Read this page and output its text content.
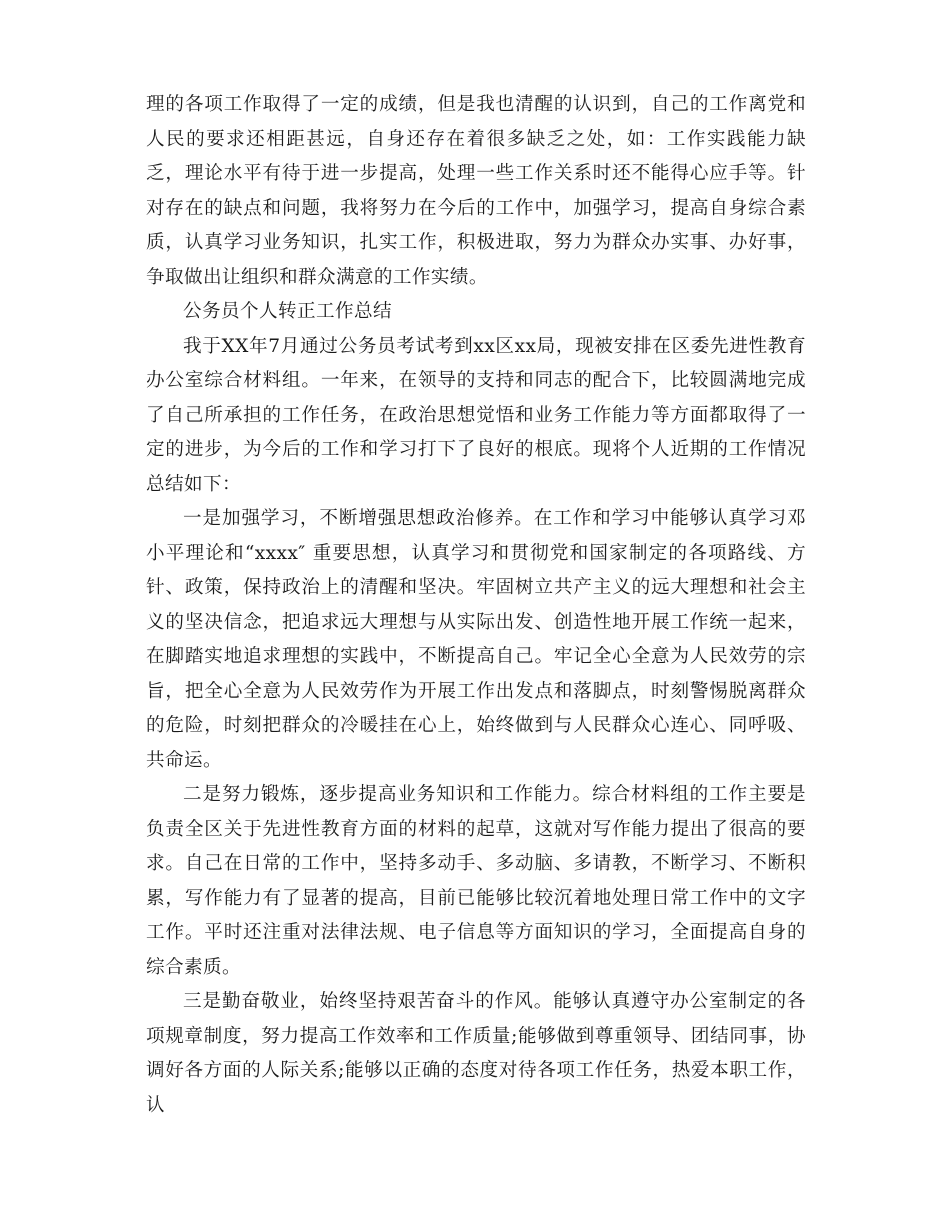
理的各项工作取得了一定的成绩，但是我也清醒的认识到，自己的工作离党和人民的要求还相距甚远，自身还存在着很多缺乏之处，如：工作实践能力缺乏，理论水平有待于进一步提高，处理一些工作关系时还不能得心应手等。针对存在的缺点和问题，我将努力在今后的工作中，加强学习，提高自身综合素质，认真学习业务知识，扎实工作，积极进取，努力为群众办实事、办好事，争取做出让组织和群众满意的工作实绩。

公务员个人转正工作总结

我于XX年7月通过公务员考试考到xx区xx局，现被安排在区委先进性教育办公室综合材料组。一年来，在领导的支持和同志的配合下，比较圆满地完成了自己所承担的工作任务，在政治思想觉悟和业务工作能力等方面都取得了一定的进步，为今后的工作和学习打下了良好的根底。现将个人近期的工作情况总结如下：

一是加强学习，不断增强思想政治修养。在工作和学习中能够认真学习邓小平理论和“xxxx″ 重要思想，认真学习和贯彻党和国家制定的各项路线、方针、政策，保持政治上的清醒和坚决。牢固树立共产主义的远大理想和社会主义的坚决信念，把追求远大理想与从实际出发、创造性地开展工作统一起来，在脚踏实地追求理想的实践中，不断提高自己。牢记全心全意为人民效劳的宗旨，把全心全意为人民效劳作为开展工作出发点和落脚点，时刻警惕脱离群众的危险，时刻把群众的冷暖挂在心上，始终做到与人民群众心连心、同呼吸、共命运。

二是努力锻炼，逐步提高业务知识和工作能力。综合材料组的工作主要是负责全区关于先进性教育方面的材料的起草，这就对写作能力提出了很高的要求。自己在日常的工作中，坚持多动手、多动脑、多请教，不断学习、不断积累，写作能力有了显著的提高，目前已能够比较沉着地处理日常工作中的文字工作。平时还注重对法律法规、电子信息等方面知识的学习，全面提高自身的综合素质。

三是勤奋敬业，始终坚持艰苦奋斗的作风。能够认真遵守办公室制定的各项规章制度，努力提高工作效率和工作质量;能够做到尊重领导、团结同事，协调好各方面的人际关系;能够以正确的态度对待各项工作任务，热爱本职工作，认
